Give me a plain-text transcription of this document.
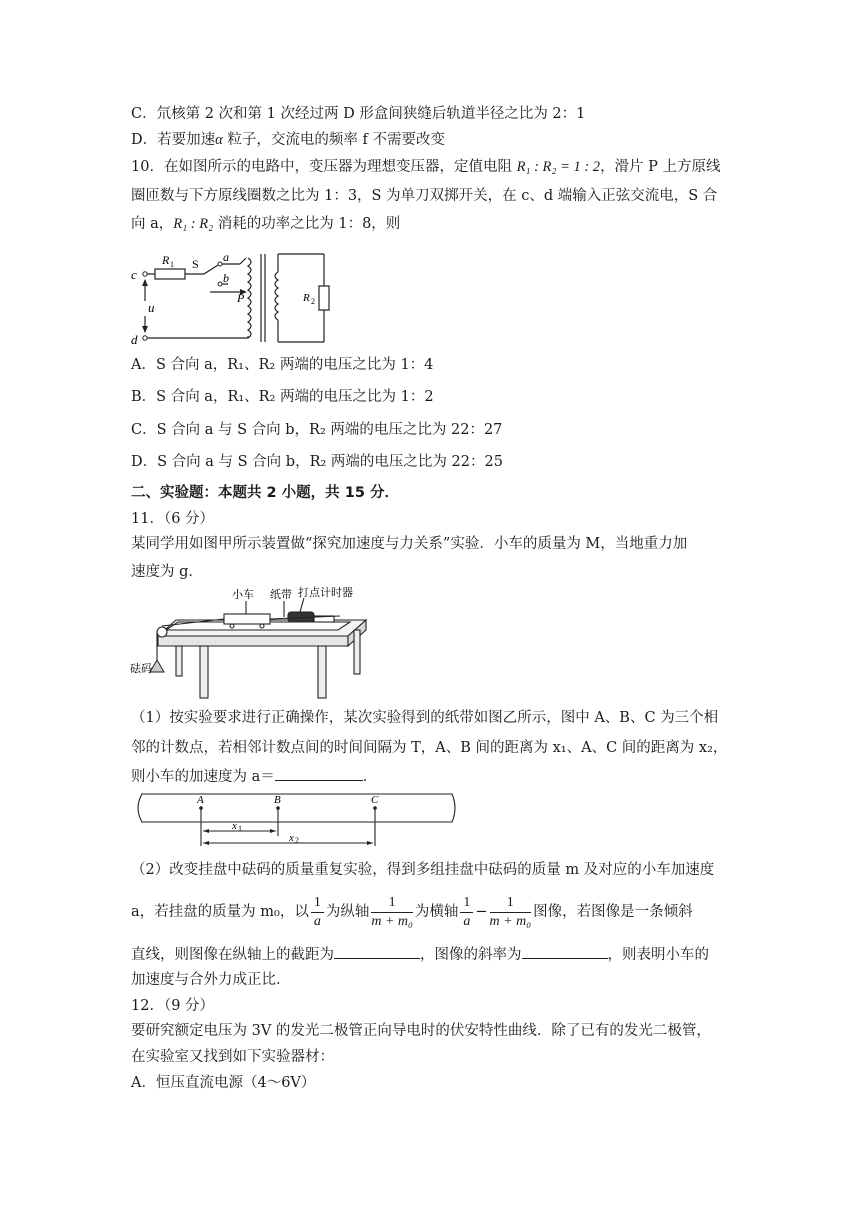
C．氘核第 2 次和第 1 次经过两 D 形盒间狭缝后轨道半径之比为 2：1
D．若要加速α 粒子，交流电的频率 f 不需要改变
10．在如图所示的电路中，变压器为理想变压器，定值电阻 R₁ : R₂ = 1 : 2，滑片 P 上方原线
圈匝数与下方原线圈数之比为 1：3，S 为单刀双掷开关，在 c、d 端输入正弦交流电，S 合
向 a，R₁ : R₂ 消耗的功率之比为 1：8，则
c
d
u
R 1 S a
b
P	R 2
A．S 合向 a，R₁、R₂ 两端的电压之比为 1：4
B．S 合向 a，R₁、R₂ 两端的电压之比为 1：2
C．S 合向 a 与 S 合向 b，R₂ 两端的电压之比为 22：27
D．S 合向 a 与 S 合向 b，R₂ 两端的电压之比为 22：25
二、实验题：本题共 2 小题，共 15 分．
11．（6 分）
某同学用如图甲所示装置做“探究加速度与力关系”实验．小车的质量为 M，当地重力加
速度为 g．
小车 纸带 打点计时器
砝码
（1）按实验要求进行正确操作，某次实验得到的纸带如图乙所示，图中 A、B、C 为三个相
邻的计数点，若相邻计数点间的时间间隔为 T，A、B 间的距离为 x₁、A、C 间的距离为 x₂，
则小车的加速度为 a＝	．
A	B	C
x 1
x 2
（2）改变挂盘中砝码的质量重复实验，得到多组挂盘中砝码的质量 m 及对应的小车加速度
a，若挂盘的质量为 m₀，以 $\frac{1}{a}$ 为纵轴 $\frac{1}{\text{m + m₀}}$ 为横轴 $\frac{1}{a} - \frac{1}{\text{m + m₀}}$ 图像，若图像是一条倾斜
直线，则图像在纵轴上的截距为	，图像的斜率为	，则表明小车的
加速度与合外力成正比．
12．（9 分）
要研究额定电压为 3V 的发光二极管正向导电时的伏安特性曲线．除了已有的发光二极管，
在实验室又找到如下实验器材：
A．恒压直流电源（4～6V）
